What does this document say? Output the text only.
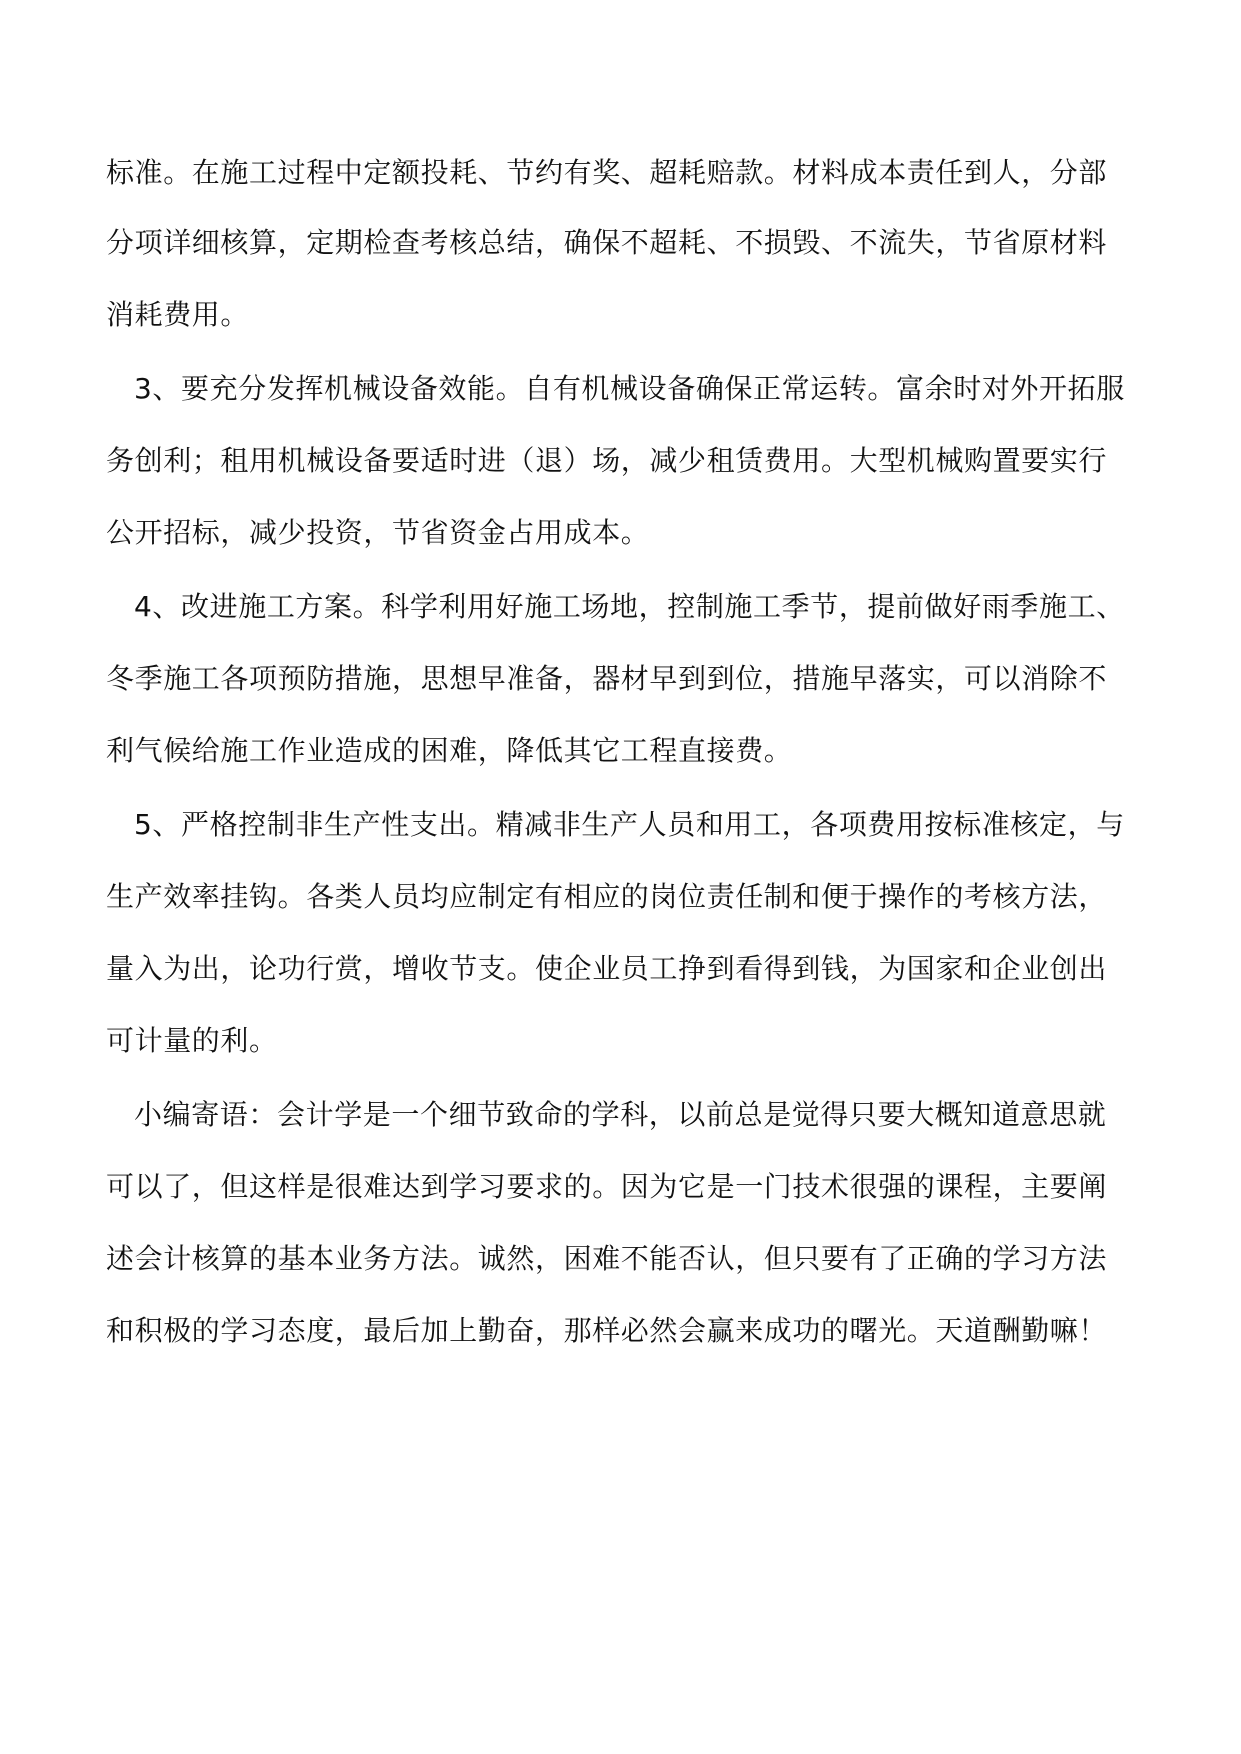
标准。在施工过程中定额投耗、节约有奖、超耗赔款。材料成本责任到人，分部
分项详细核算，定期检查考核总结，确保不超耗、不损毁、不流失，节省原材料
消耗费用。
3、要充分发挥机械设备效能。自有机械设备确保正常运转。富余时对外开拓服
务创利；租用机械设备要适时进（退）场，减少租赁费用。大型机械购置要实行
公开招标，减少投资，节省资金占用成本。
4、改进施工方案。科学利用好施工场地，控制施工季节，提前做好雨季施工、
冬季施工各项预防措施，思想早准备，器材早到到位，措施早落实，可以消除不
利气候给施工作业造成的困难，降低其它工程直接费。
5、严格控制非生产性支出。精减非生产人员和用工，各项费用按标准核定，与
生产效率挂钩。各类人员均应制定有相应的岗位责任制和便于操作的考核方法，
量入为出，论功行赏，增收节支。使企业员工挣到看得到钱，为国家和企业创出
可计量的利。
小编寄语：会计学是一个细节致命的学科，以前总是觉得只要大概知道意思就
可以了，但这样是很难达到学习要求的。因为它是一门技术很强的课程，主要阐
述会计核算的基本业务方法。诚然，困难不能否认，但只要有了正确的学习方法
和积极的学习态度，最后加上勤奋，那样必然会赢来成功的曙光。天道酬勤嘛！
